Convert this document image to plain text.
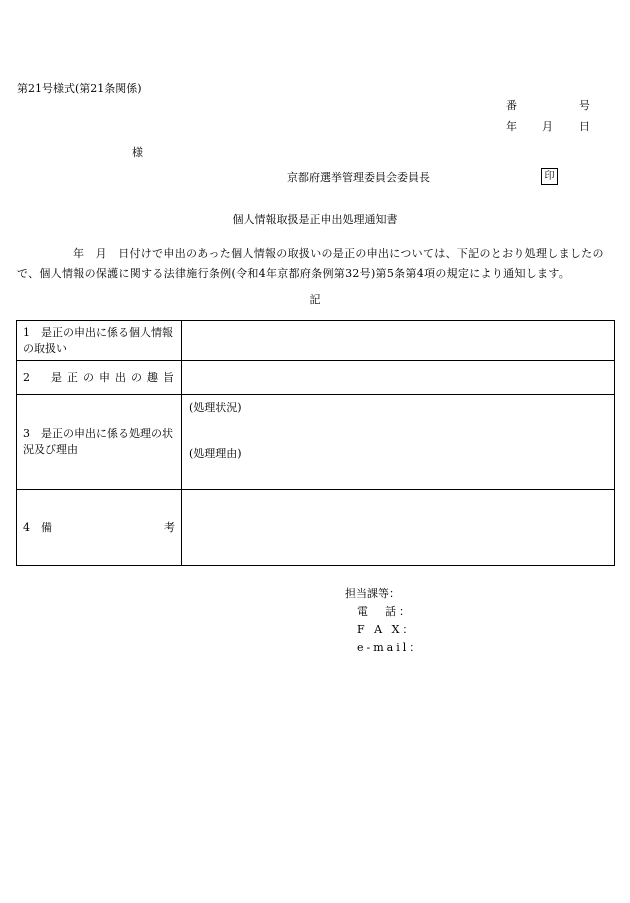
第21号様式(第21条関係)
番	号
年 月 日
様
京都府選挙管理委員会委員長	印
個人情報取扱是正申出処理通知書
年　月　日付けで申出のあった個人情報の取扱いの是正の申出については、下記のとおり処理しましたので、個人情報の保護に関する法律施行条例(令和4年京都府条例第32号)第5条第4項の規定により通知します。
記
1　是正の申出に係る個人情報の取扱い	
2　是正の申出の趣旨	
3　是正の申出に係る処理の状況及び理由	(処理状況)
(処理理由)

4　備 考	

担当課等：
電　話：
F A X：
e-mail：
